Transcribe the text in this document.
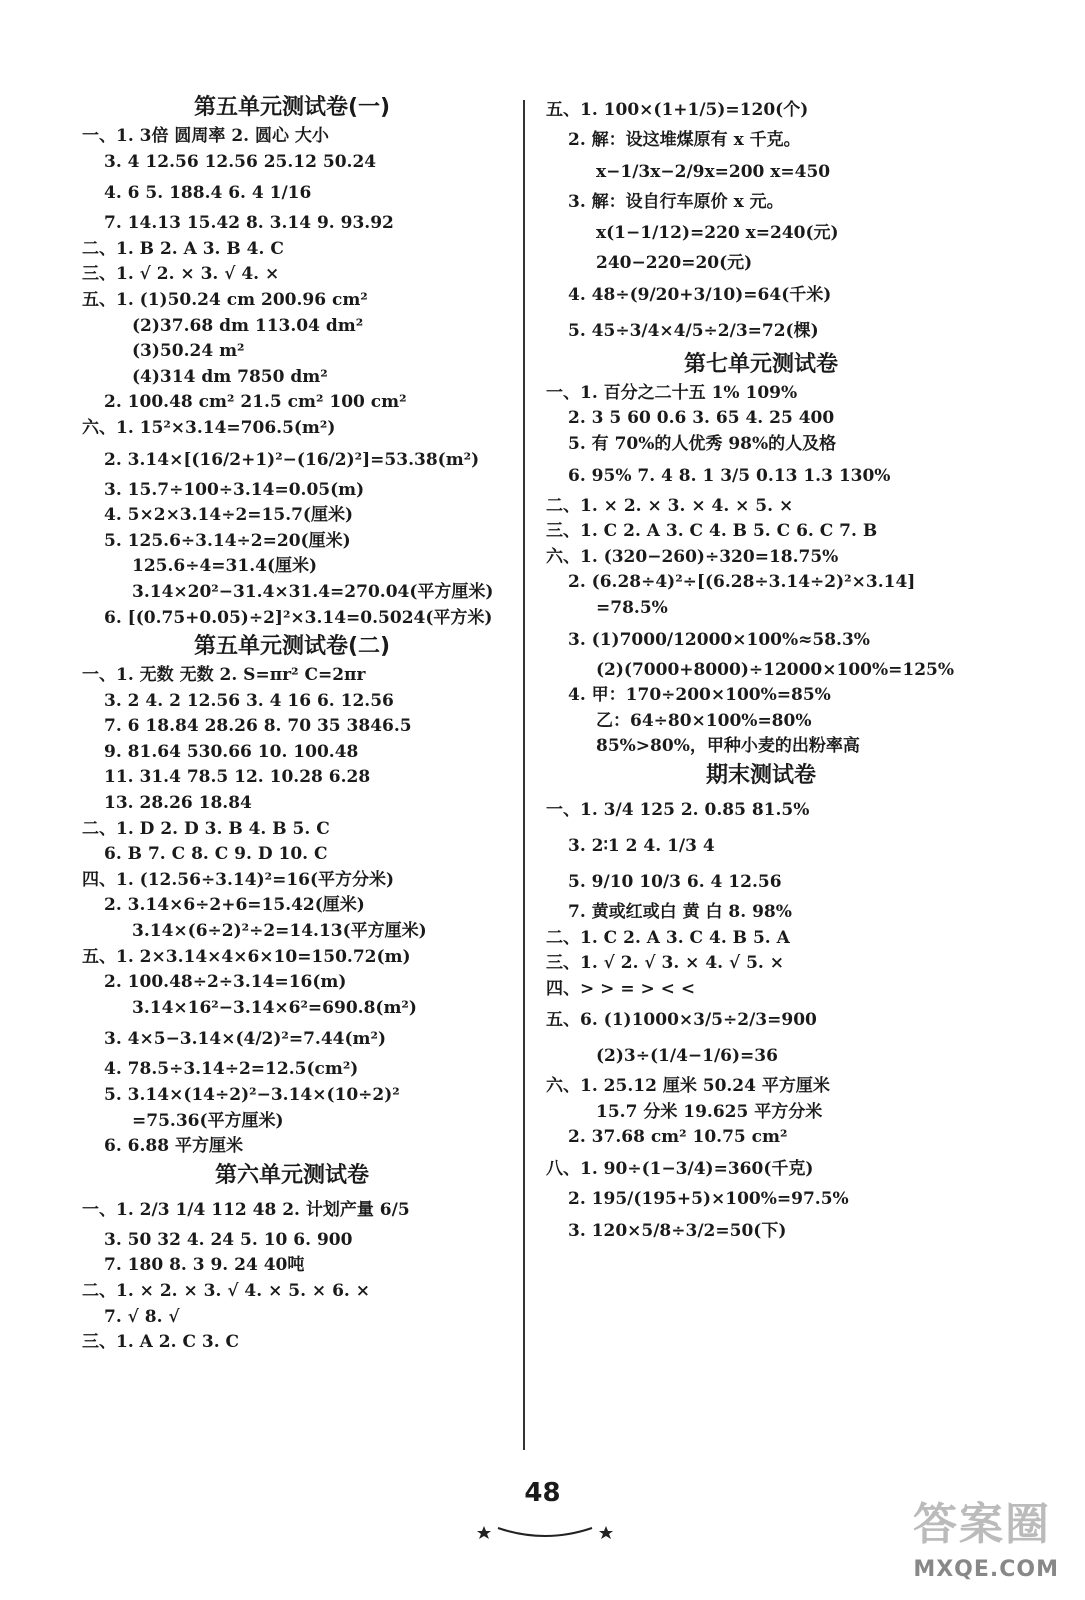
第五单元测试卷(一)
一、1. 3倍 圆周率 2. 圆心 大小
3. 4 12.56 12.56 25.12 50.24
4. 6 5. 188.4 6. 4 1/16
7. 14.13 15.42 8. 3.14 9. 93.92
二、1. B 2. A 3. B 4. C
三、1. √ 2. × 3. √ 4. ×
五、1. (1)50.24 cm 200.96 cm²
(2)37.68 dm 113.04 dm²
(3)50.24 m²
(4)314 dm 7850 dm²
2. 100.48 cm² 21.5 cm² 100 cm²
六、1. 15²×3.14=706.5(m²)
2. 3.14×[(16/2+1)²−(16/2)²]=53.38(m²)
3. 15.7÷100÷3.14=0.05(m)
4. 5×2×3.14÷2=15.7(厘米)
5. 125.6÷3.14÷2=20(厘米)
125.6÷4=31.4(厘米)
3.14×20²−31.4×31.4=270.04(平方厘米)
6. [(0.75+0.05)÷2]²×3.14=0.5024(平方米)
第五单元测试卷(二)
一、1. 无数 无数 2. S=πr² C=2πr
3. 2 4. 2 12.56 3. 4 16 6. 12.56
7. 6 18.84 28.26 8. 70 35 3846.5
9. 81.64 530.66 10. 100.48
11. 31.4 78.5 12. 10.28 6.28
13. 28.26 18.84
二、1. D 2. D 3. B 4. B 5. C
6. B 7. C 8. C 9. D 10. C
四、1. (12.56÷3.14)²=16(平方分米)
2. 3.14×6÷2+6=15.42(厘米)
3.14×(6÷2)²÷2=14.13(平方厘米)
五、1. 2×3.14×4×6×10=150.72(m)
2. 100.48÷2÷3.14=16(m)
3.14×16²−3.14×6²=690.8(m²)
3. 4×5−3.14×(4/2)²=7.44(m²)
4. 78.5÷3.14÷2=12.5(cm²)
5. 3.14×(14÷2)²−3.14×(10÷2)²
=75.36(平方厘米)
6. 6.88 平方厘米
第六单元测试卷
一、1. 2/3 1/4 112 48 2. 计划产量 6/5
3. 50 32 4. 24 5. 10 6. 900
7. 180 8. 3 9. 24 40吨
二、1. × 2. × 3. √ 4. × 5. × 6. ×
7. √ 8. √
三、1. A 2. C 3. C
五、1. 100×(1+1/5)=120(个)
2. 解：设这堆煤原有 x 千克。
x−1/3x−2/9x=200 x=450
3. 解：设自行车原价 x 元。
x(1−1/12)=220 x=240(元)
240−220=20(元)
4. 48÷(9/20+3/10)=64(千米)
5. 45÷3/4×4/5÷2/3=72(棵)
第七单元测试卷
一、1. 百分之二十五 1% 109%
2. 3 5 60 0.6 3. 65 4. 25 400
5. 有 70%的人优秀 98%的人及格
6. 95% 7. 4 8. 1 3/5 0.13 1.3 130%
二、1. × 2. × 3. × 4. × 5. ×
三、1. C 2. A 3. C 4. B 5. C 6. C 7. B
六、1. (320−260)÷320=18.75%
2. (6.28÷4)²÷[(6.28÷3.14÷2)²×3.14]
=78.5%
3. (1)7000/12000×100%≈58.3%
(2)(7000+8000)÷12000×100%=125%
4. 甲：170÷200×100%=85%
乙：64÷80×100%=80%
85%>80%，甲种小麦的出粉率高
期末测试卷
一、1. 3/4 125 2. 0.85 81.5%
3. 2∶1 2 4. 1/3 4
5. 9/10 10/3 6. 4 12.56
7. 黄或红或白 黄 白 8. 98%
二、1. C 2. A 3. C 4. B 5. A
三、1. √ 2. √ 3. × 4. √ 5. ×
四、> > = > < <
五、6. (1)1000×3/5÷2/3=900
(2)3÷(1/4−1/6)=36
六、1. 25.12 厘米 50.24 平方厘米
15.7 分米 19.625 平方分米
2. 37.68 cm² 10.75 cm²
八、1. 90÷(1−3/4)=360(千克)
2. 195/(195+5)×100%=97.5%
3. 120×5/8÷3/2=50(下)
48
答案圈
MXQE.COM
